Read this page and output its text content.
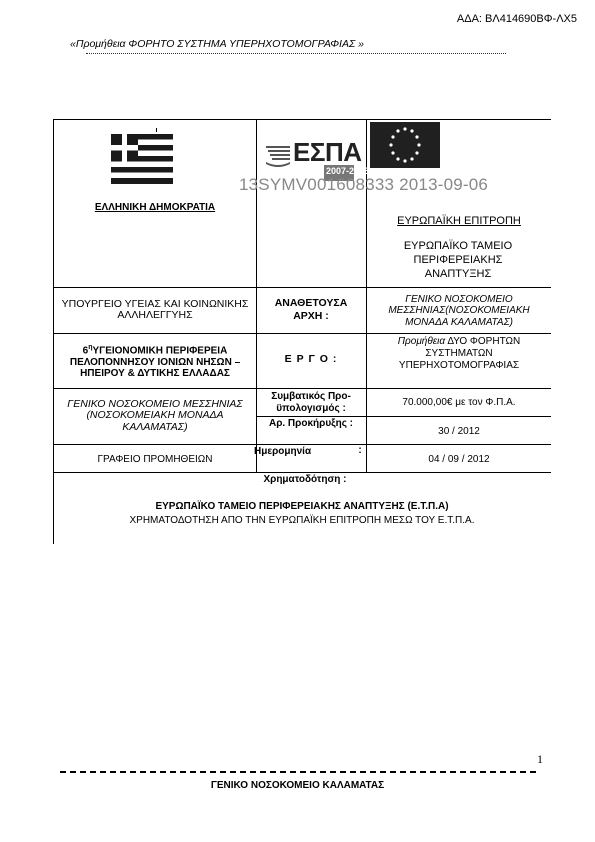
ΑΔΑ: ΒΛ414690ΒΦ-ΛΧ5
«Προμήθεια ΦΟΡΗΤΟ ΣΥΣΤΗΜΑ ΥΠΕΡΗΧΟΤΟΜΟΓΡΑΦΙΑΣ »
ΕΣΠΑ
2007-2013
13SYMV001608333 2013-09-06
ΕΛΛΗΝΙΚΗ ΔΗΜΟΚΡΑΤΙΑ
ΕΥΡΩΠΑΪΚΗ ΕΠΙΤΡΟΠΗ
ΕΥΡΩΠΑΪΚΟ ΤΑΜΕΙΟ ΠΕΡΙΦΕΡΕΙΑΚΗΣ ΑΝΑΠΤΥΞΗΣ
ΥΠΟΥΡΓΕΙΟ ΥΓΕΙΑΣ ΚΑΙ ΚΟΙΝΩΝΙΚΗΣ ΑΛΛΗΛΕΓΓΥΗΣ
ΑΝΑΘΕΤΟΥΣΑ ΑΡΧΗ :
ΓΕΝΙΚΟ ΝΟΣΟΚΟΜΕΙΟ ΜΕΣΣΗΝΙΑΣ(ΝΟΣΟΚΟΜΕΙΑΚΗ ΜΟΝΑΔΑ ΚΑΛΑΜΑΤΑΣ)
$6^\eta\Upsilon\Gamma EIONOMIKH$ ΠΕΡΙΦΕΡΕΙΑ ΠΕΛΟΠΟΝΝΗΣΟΥ ΙΟΝΙΩΝ ΝΗΣΩΝ – ΗΠΕΙΡΟΥ & ΔΥΤΙΚΗΣ ΕΛΛΑΔΑΣ
Ε Ρ Γ Ο :
Προμήθεια ΔΥΟ ΦΟΡΗΤΩΝ ΣΥΣΤΗΜΑΤΩΝ ΥΠΕΡΗΧΟΤΟΜΟΓΡΑΦΙΑΣ
ΓΕΝΙΚΟ ΝΟΣΟΚΟΜΕΙΟ ΜΕΣΣΗΝΙΑΣ (ΝΟΣΟΚΟΜΕΙΑΚΗ ΜΟΝΑΔΑ ΚΑΛΑΜΑΤΑΣ)
Συμβατικός Προ-ϋπολογισμός :
70.000,00€ με τον Φ.Π.Α.
Αρ. Προκήρυξης :
30 / 2012
ΓΡΑΦΕΙΟ ΠΡΟΜΗΘΕΙΩΝ
Ημερομηνία	:
04 / 09 / 2012
Χρηματοδότηση :
ΕΥΡΩΠΑΪΚΟ ΤΑΜΕΙΟ ΠΕΡΙΦΕΡΕΙΑΚΗΣ ΑΝΑΠΤΥΞΗΣ (Ε.Τ.Π.Α)
ΧΡΗΜΑΤΟΔΟΤΗΣΗ ΑΠΟ ΤΗΝ ΕΥΡΩΠΑΪΚΗ ΕΠΙΤΡΟΠΗ ΜΕΣΩ ΤΟΥ Ε.Τ.Π.Α.
1
ΓΕΝΙΚΟ ΝΟΣΟΚΟΜΕΙΟ ΚΑΛΑΜΑΤΑΣ
